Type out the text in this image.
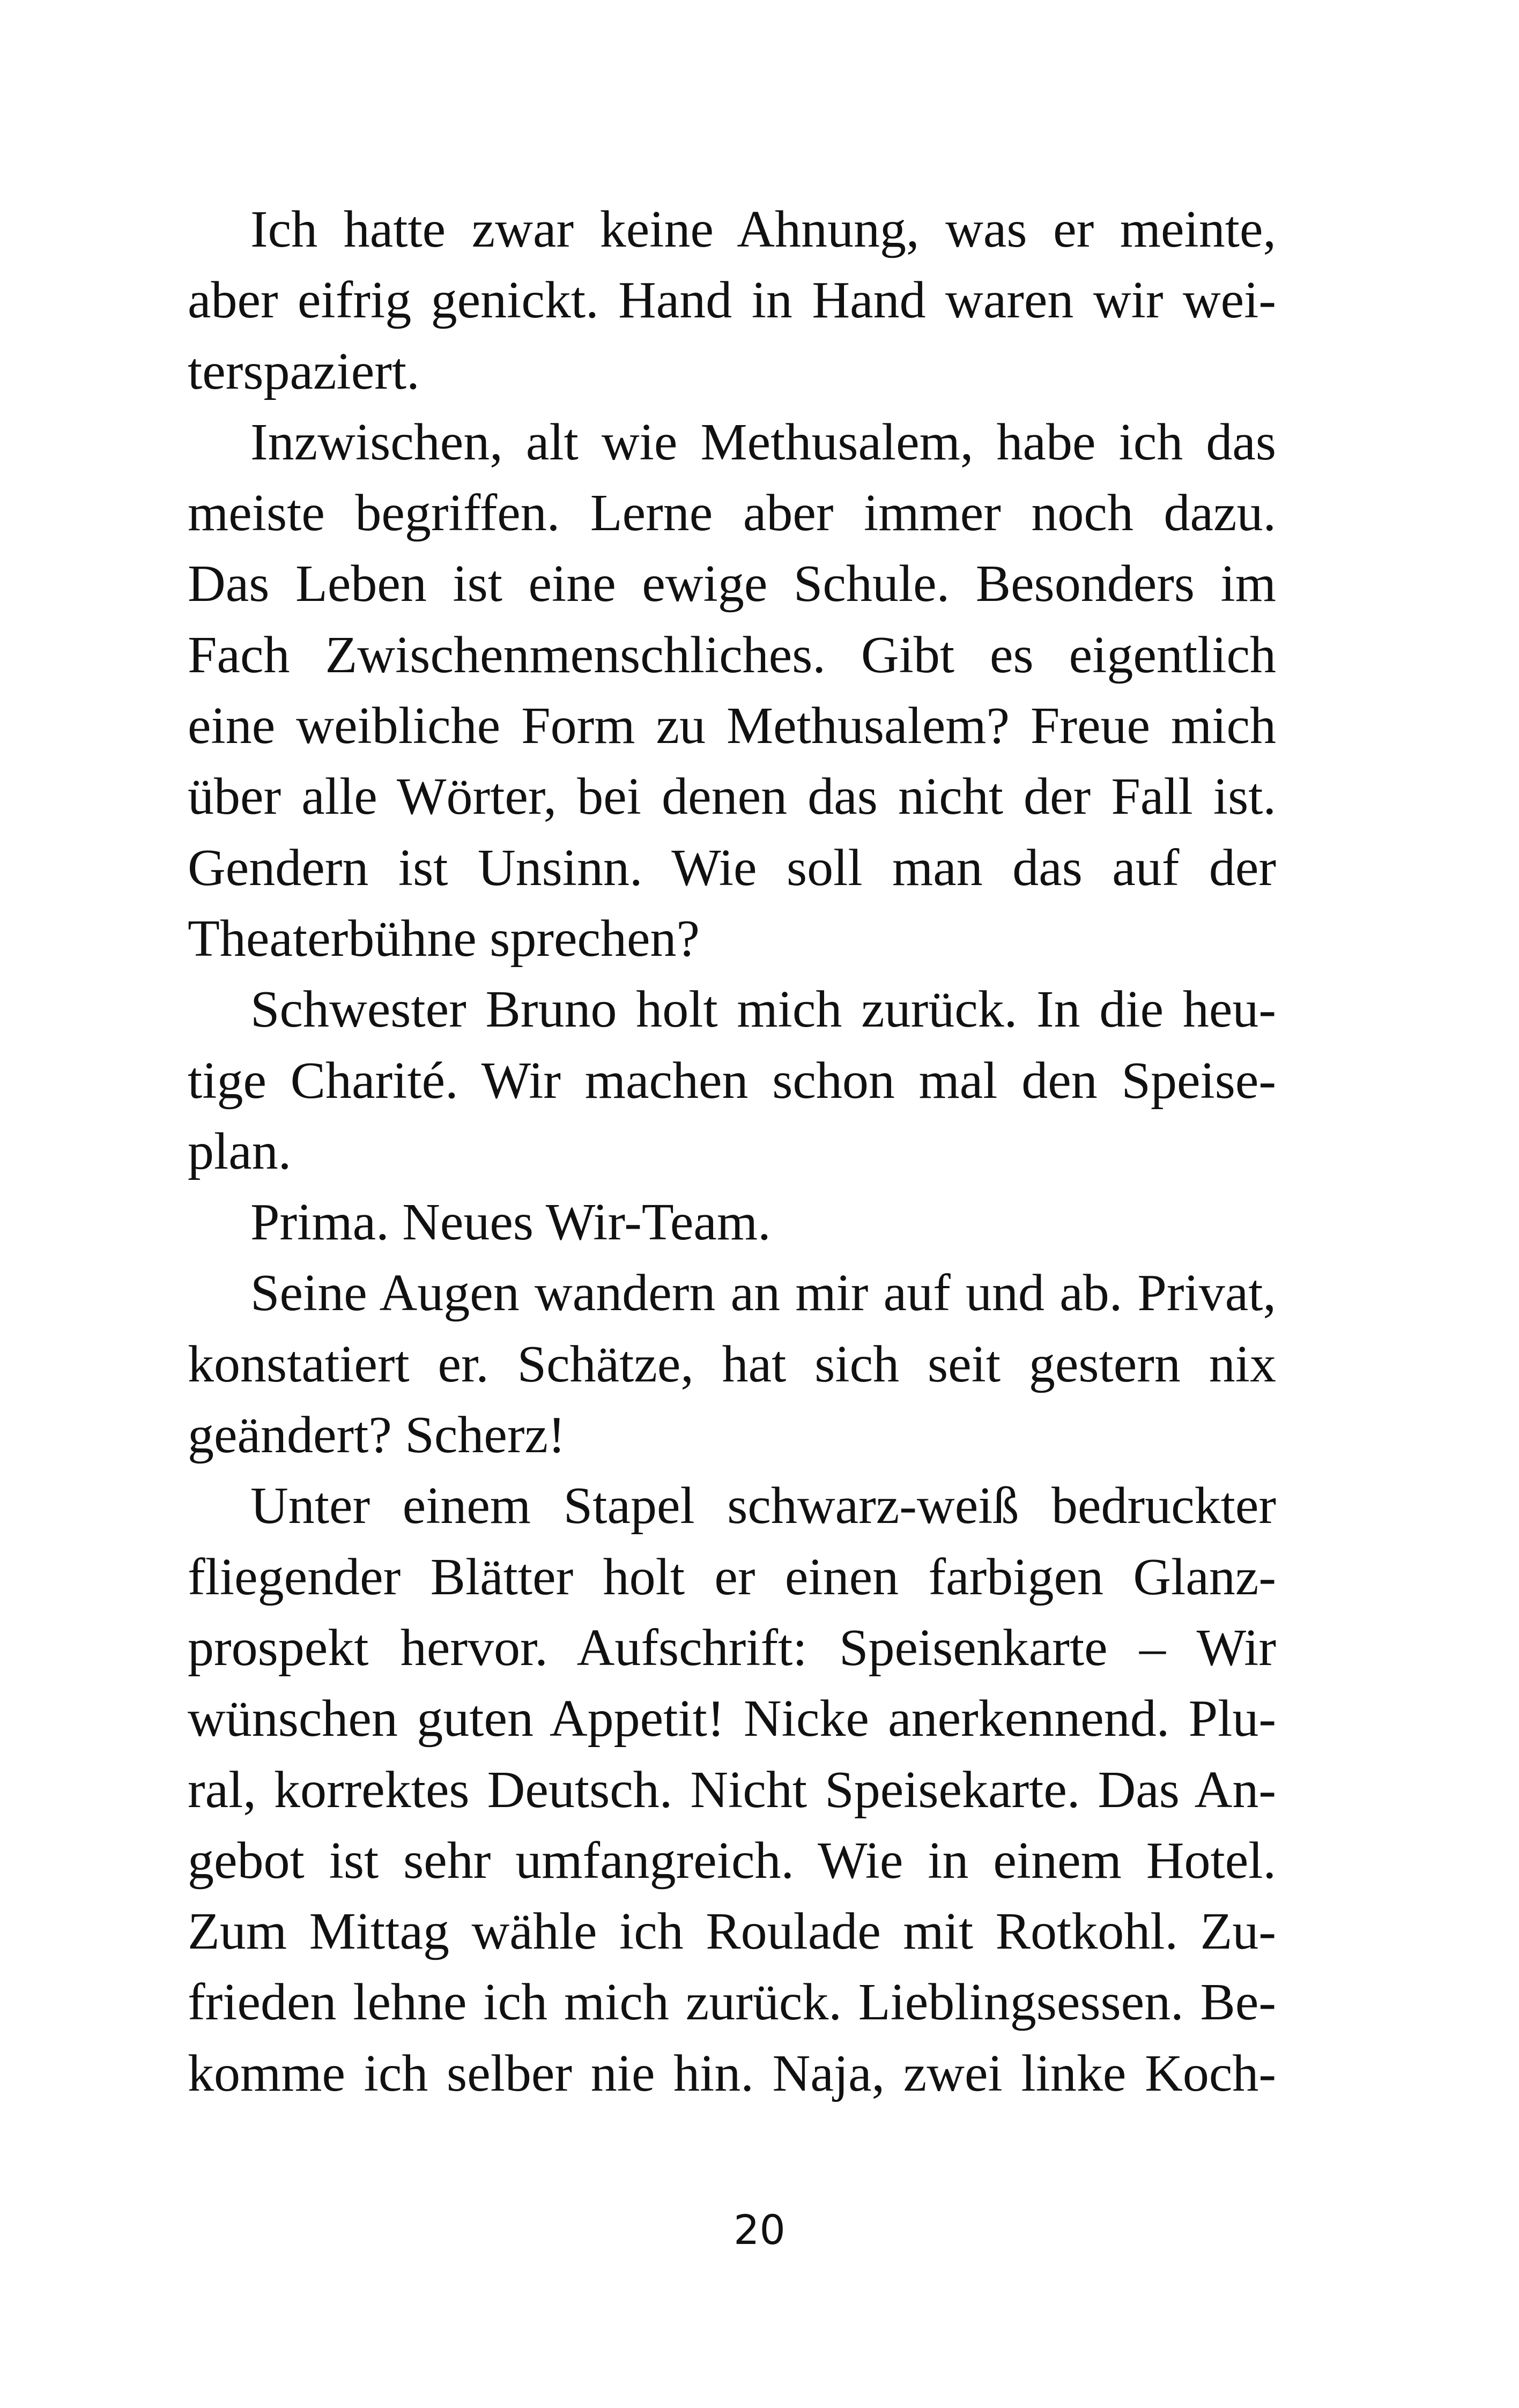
Ich hatte zwar keine Ahnung, was er meinte,
aber eifrig genickt. Hand in Hand waren wir wei-
terspaziert.
Inzwischen, alt wie Methusalem, habe ich das
meiste begriffen. Lerne aber immer noch dazu.
Das Leben ist eine ewige Schule. Besonders im
Fach Zwischenmenschliches. Gibt es eigentlich
eine weibliche Form zu Methusalem? Freue mich
über alle Wörter, bei denen das nicht der Fall ist.
Gendern ist Unsinn. Wie soll man das auf der
Theaterbühne sprechen?
Schwester Bruno holt mich zurück. In die heu-
tige Charité. Wir machen schon mal den Speise-
plan.
Prima. Neues Wir-Team.
Seine Augen wandern an mir auf und ab. Privat,
konstatiert er. Schätze, hat sich seit gestern nix
geändert? Scherz!
Unter einem Stapel schwarz-weiß bedruckter
fliegender Blätter holt er einen farbigen Glanz-
prospekt hervor. Aufschrift: Speisenkarte – Wir
wünschen guten Appetit! Nicke anerkennend. Plu-
ral, korrektes Deutsch. Nicht Speisekarte. Das An-
gebot ist sehr umfangreich. Wie in einem Hotel.
Zum Mittag wähle ich Roulade mit Rotkohl. Zu-
frieden lehne ich mich zurück. Lieblingsessen. Be-
komme ich selber nie hin. Naja, zwei linke Koch-
20
